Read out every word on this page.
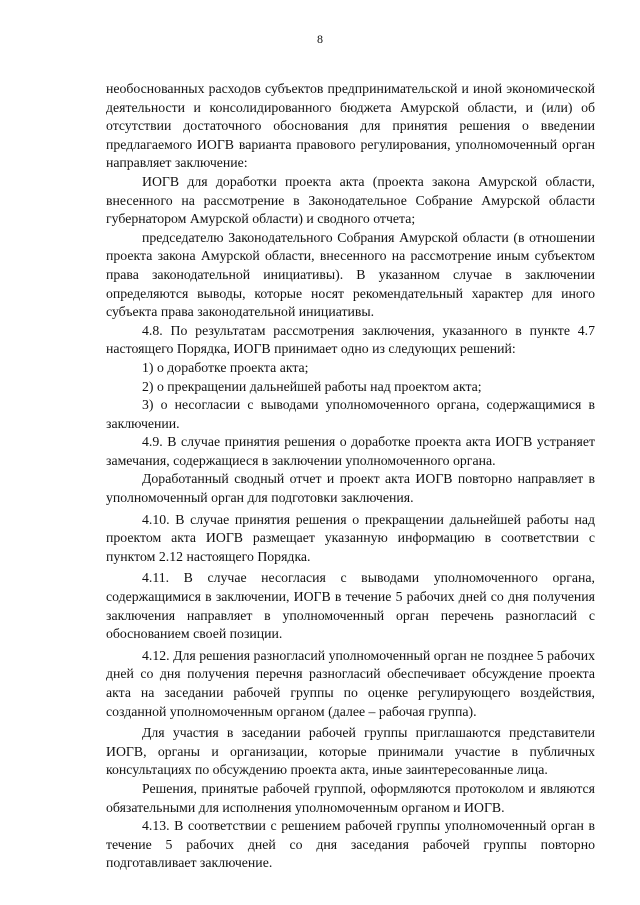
8

необоснованных расходов субъектов предпринимательской и иной экономической деятельности и консолидированного бюджета Амурской области, и (или) об отсутствии достаточного обоснования для принятия решения о введении предлагаемого ИОГВ варианта правового регулирования, уполномоченный орган направляет заключение:

ИОГВ для доработки проекта акта (проекта закона Амурской области, внесенного на рассмотрение в Законодательное Собрание Амурской области губернатором Амурской области) и сводного отчета;

председателю Законодательного Собрания Амурской области (в отношении проекта закона Амурской области, внесенного на рассмотрение иным субъектом права законодательной инициативы). В указанном случае в заключении определяются выводы, которые носят рекомендательный характер для иного субъекта права законодательной инициативы.

4.8. По результатам рассмотрения заключения, указанного в пункте 4.7 настоящего Порядка, ИОГВ принимает одно из следующих решений:

1) о доработке проекта акта;

2) о прекращении дальнейшей работы над проектом акта;

3) о несогласии с выводами уполномоченного органа, содержащимися в заключении.

4.9. В случае принятия решения о доработке проекта акта ИОГВ устраняет замечания, содержащиеся в заключении уполномоченного органа.

Доработанный сводный отчет и проект акта ИОГВ повторно направляет в уполномоченный орган для подготовки заключения.

4.10. В случае принятия решения о прекращении дальнейшей работы над проектом акта ИОГВ размещает указанную информацию в соответствии с пунктом 2.12 настоящего Порядка.

4.11. В случае несогласия с выводами уполномоченного органа, содержащимися в заключении, ИОГВ в течение 5 рабочих дней со дня получения заключения направляет в уполномоченный орган перечень разногласий с обоснованием своей позиции.

4.12. Для решения разногласий уполномоченный орган не позднее 5 рабочих дней со дня получения перечня разногласий обеспечивает обсуждение проекта акта на заседании рабочей группы по оценке регулирующего воздействия, созданной уполномоченным органом (далее – рабочая группа).

Для участия в заседании рабочей группы приглашаются представители ИОГВ, органы и организации, которые принимали участие в публичных консультациях по обсуждению проекта акта, иные заинтересованные лица.

Решения, принятые рабочей группой, оформляются протоколом и являются обязательными для исполнения уполномоченным органом и ИОГВ.

4.13. В соответствии с решением рабочей группы уполномоченный орган в течение 5 рабочих дней со дня заседания рабочей группы повторно подготавливает заключение.
